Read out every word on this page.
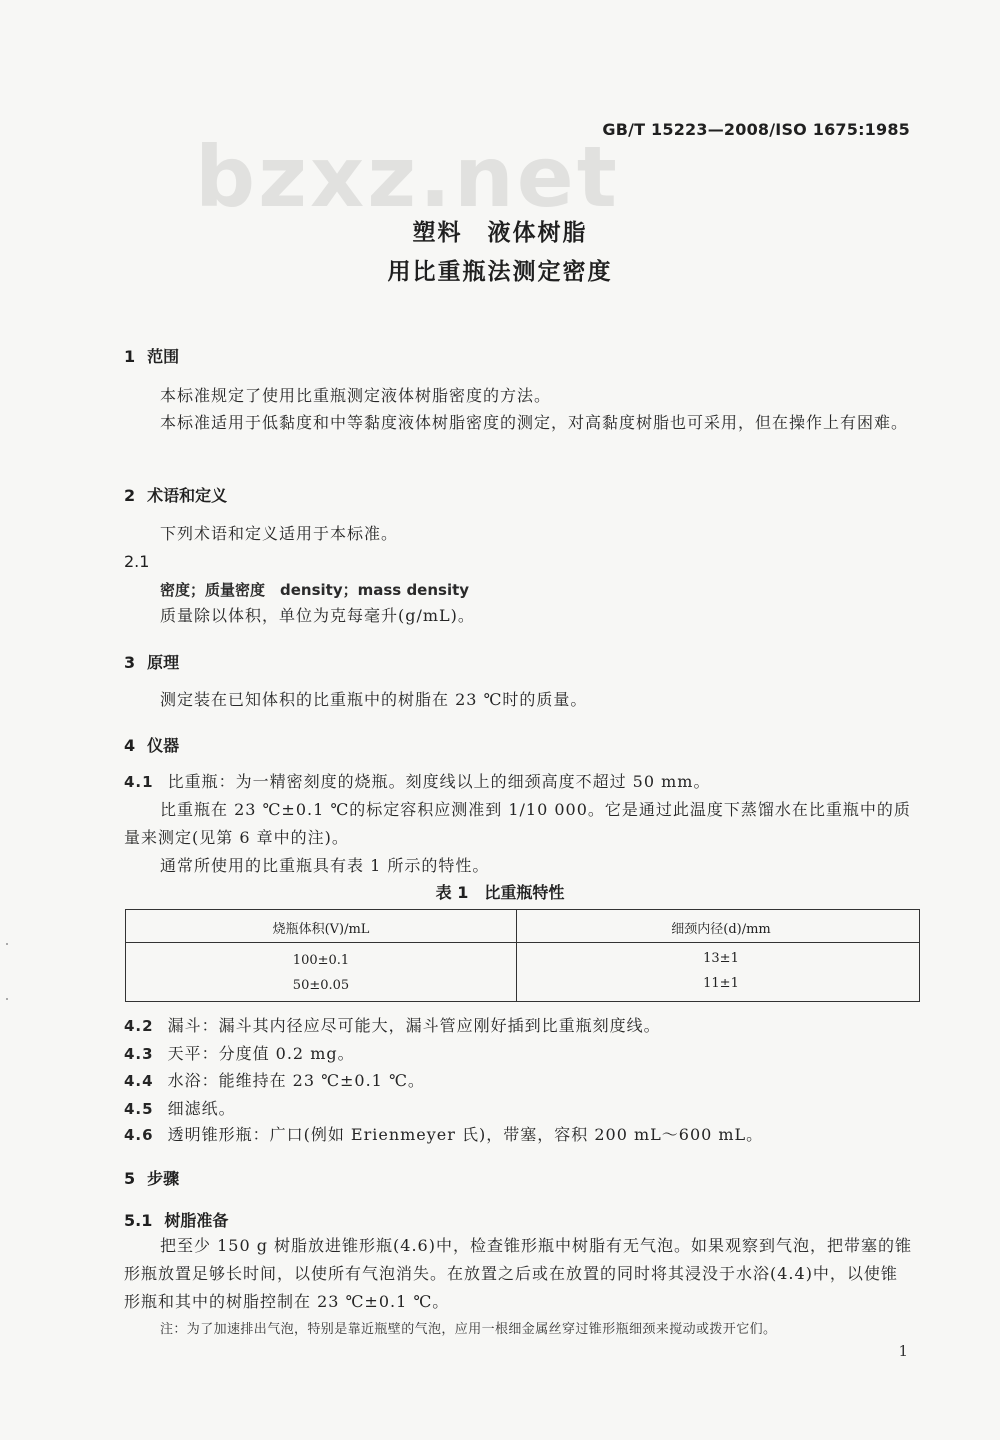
bzxz.net
GB/T 15223—2008/ISO 1675:1985
塑料　液体树脂
用比重瓶法测定密度
1 范围
本标准规定了使用比重瓶测定液体树脂密度的方法。
本标准适用于低黏度和中等黏度液体树脂密度的测定，对高黏度树脂也可采用，但在操作上有困难。
2 术语和定义
下列术语和定义适用于本标准。
2.1
密度；质量密度　density；mass density
质量除以体积，单位为克每毫升(g/mL)。
3 原理
测定装在已知体积的比重瓶中的树脂在 23 ℃时的质量。
4 仪器
4.1 比重瓶：为一精密刻度的烧瓶。刻度线以上的细颈高度不超过 50 mm。
比重瓶在 23 ℃±0.1 ℃的标定容积应测准到 1/10 000。它是通过此温度下蒸馏水在比重瓶中的质量来测定(见第 6 章中的注)。
通常所使用的比重瓶具有表 1 所示的特性。
表 1　比重瓶特性
烧瓶体积(V)/mL	细颈内径(d)/mm
100±0.1	13±1
50±0.05	11±1
4.2 漏斗：漏斗其内径应尽可能大，漏斗管应刚好插到比重瓶刻度线。
4.3 天平：分度值 0.2 mg。
4.4 水浴：能维持在 23 ℃±0.1 ℃。
4.5 细滤纸。
4.6 透明锥形瓶：广口(例如 Erienmeyer 氏)，带塞，容积 200 mL～600 mL。
5 步骤
5.1 树脂准备
把至少 150 g 树脂放进锥形瓶(4.6)中，检查锥形瓶中树脂有无气泡。如果观察到气泡，把带塞的锥形瓶放置足够长时间，以使所有气泡消失。在放置之后或在放置的同时将其浸没于水浴(4.4)中，以使锥形瓶和其中的树脂控制在 23 ℃±0.1 ℃。
注：为了加速排出气泡，特别是靠近瓶壁的气泡，应用一根细金属丝穿过锥形瓶细颈来搅动或拨开它们。
1
